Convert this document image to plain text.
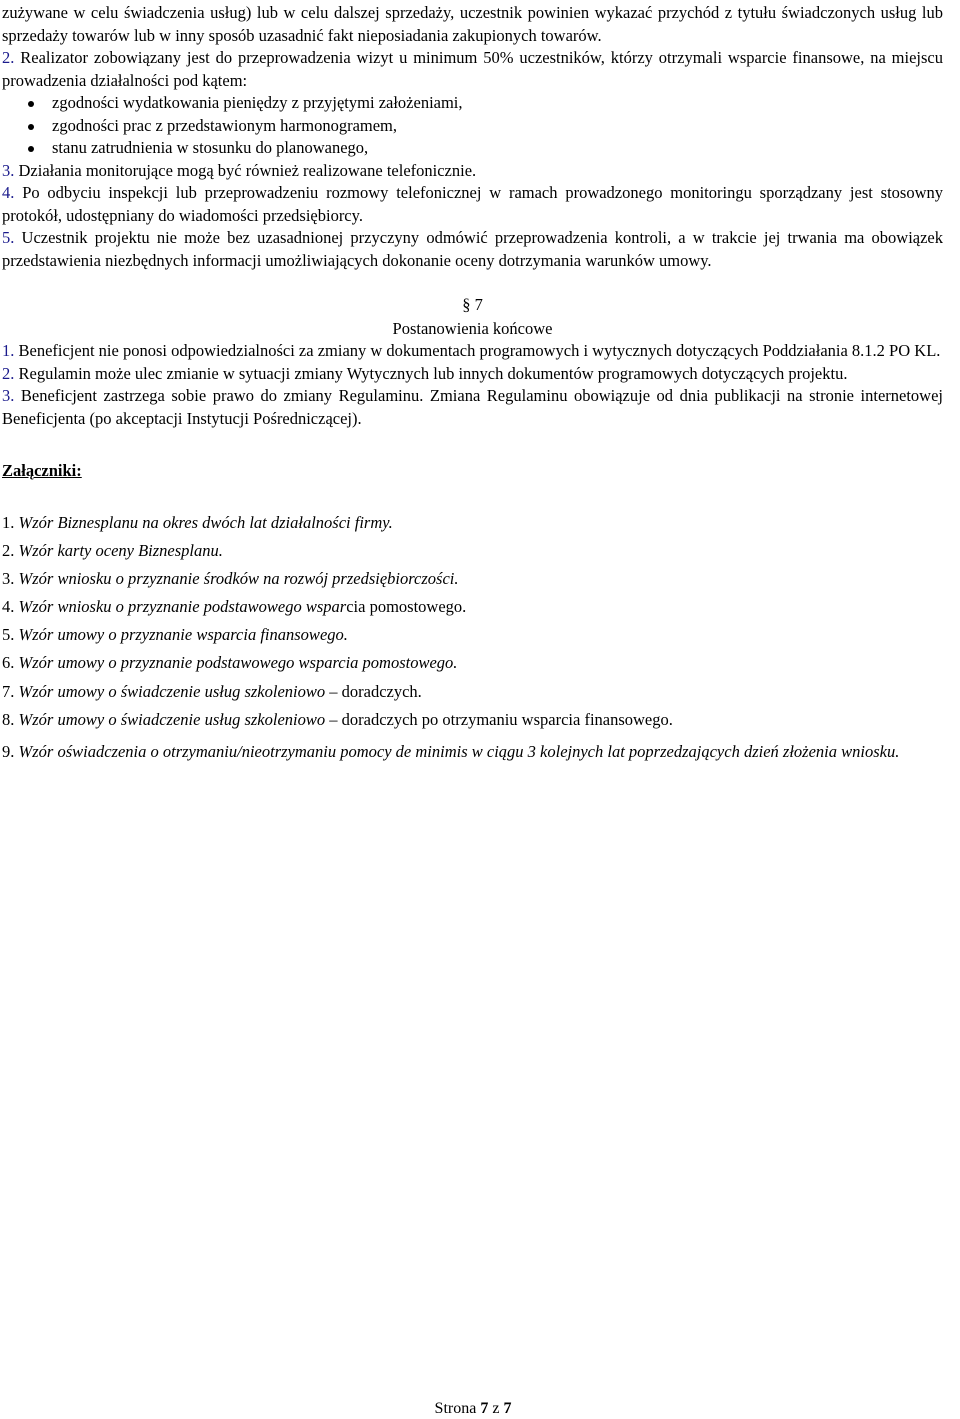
zużywane w celu świadczenia usług) lub w celu dalszej sprzedaży, uczestnik powinien wykazać przychód z tytułu świadczonych usług lub sprzedaży towarów lub w inny sposób uzasadnić fakt nieposiadania zakupionych towarów.

2. Realizator zobowiązany jest do przeprowadzenia wizyt u minimum 50% uczestników, którzy otrzymali wsparcie finansowe, na miejscu prowadzenia działalności pod kątem:

zgodności wydatkowania pieniędzy z przyjętymi założeniami,
zgodności prac z przedstawionym harmonogramem,
stanu zatrudnienia w stosunku do planowanego,

3. Działania monitorujące mogą być również realizowane telefonicznie.

4. Po odbyciu inspekcji lub przeprowadzeniu rozmowy telefonicznej w ramach prowadzonego monitoringu sporządzany jest stosowny protokół, udostępniany do wiadomości przedsiębiorcy.

5. Uczestnik projektu nie może bez uzasadnionej przyczyny odmówić przeprowadzenia kontroli, a w trakcie jej trwania ma obowiązek przedstawienia niezbędnych informacji umożliwiających dokonanie oceny dotrzymania warunków umowy.

§ 7
Postanowienia końcowe

1. Beneficjent nie ponosi odpowiedzialności za zmiany w dokumentach programowych i wytycznych dotyczących Poddziałania 8.1.2 PO KL.

2. Regulamin może ulec zmianie w sytuacji zmiany Wytycznych lub innych dokumentów programowych dotyczących projektu.

3. Beneficjent zastrzega sobie prawo do zmiany Regulaminu. Zmiana Regulaminu obowiązuje od dnia publikacji na stronie internetowej Beneficjenta (po akceptacji Instytucji Pośredniczącej).

Załączniki:

1. Wzór Biznesplanu na okres dwóch lat działalności firmy.
2. Wzór karty oceny Biznesplanu.
3. Wzór wniosku o przyznanie środków na rozwój przedsiębiorczości.
4. Wzór wniosku o przyznanie podstawowego wsparcia pomostowego.
5. Wzór umowy o przyznanie wsparcia finansowego.
6. Wzór umowy o przyznanie podstawowego wsparcia pomostowego.
7. Wzór umowy o świadczenie usług szkoleniowo – doradczych.
8. Wzór umowy o świadczenie usług szkoleniowo – doradczych po otrzymaniu wsparcia finansowego.
9. Wzór oświadczenia o otrzymaniu/nieotrzymaniu pomocy de minimis w ciągu 3 kolejnych lat poprzedzających dzień złożenia wniosku.
Strona 7 z 7
